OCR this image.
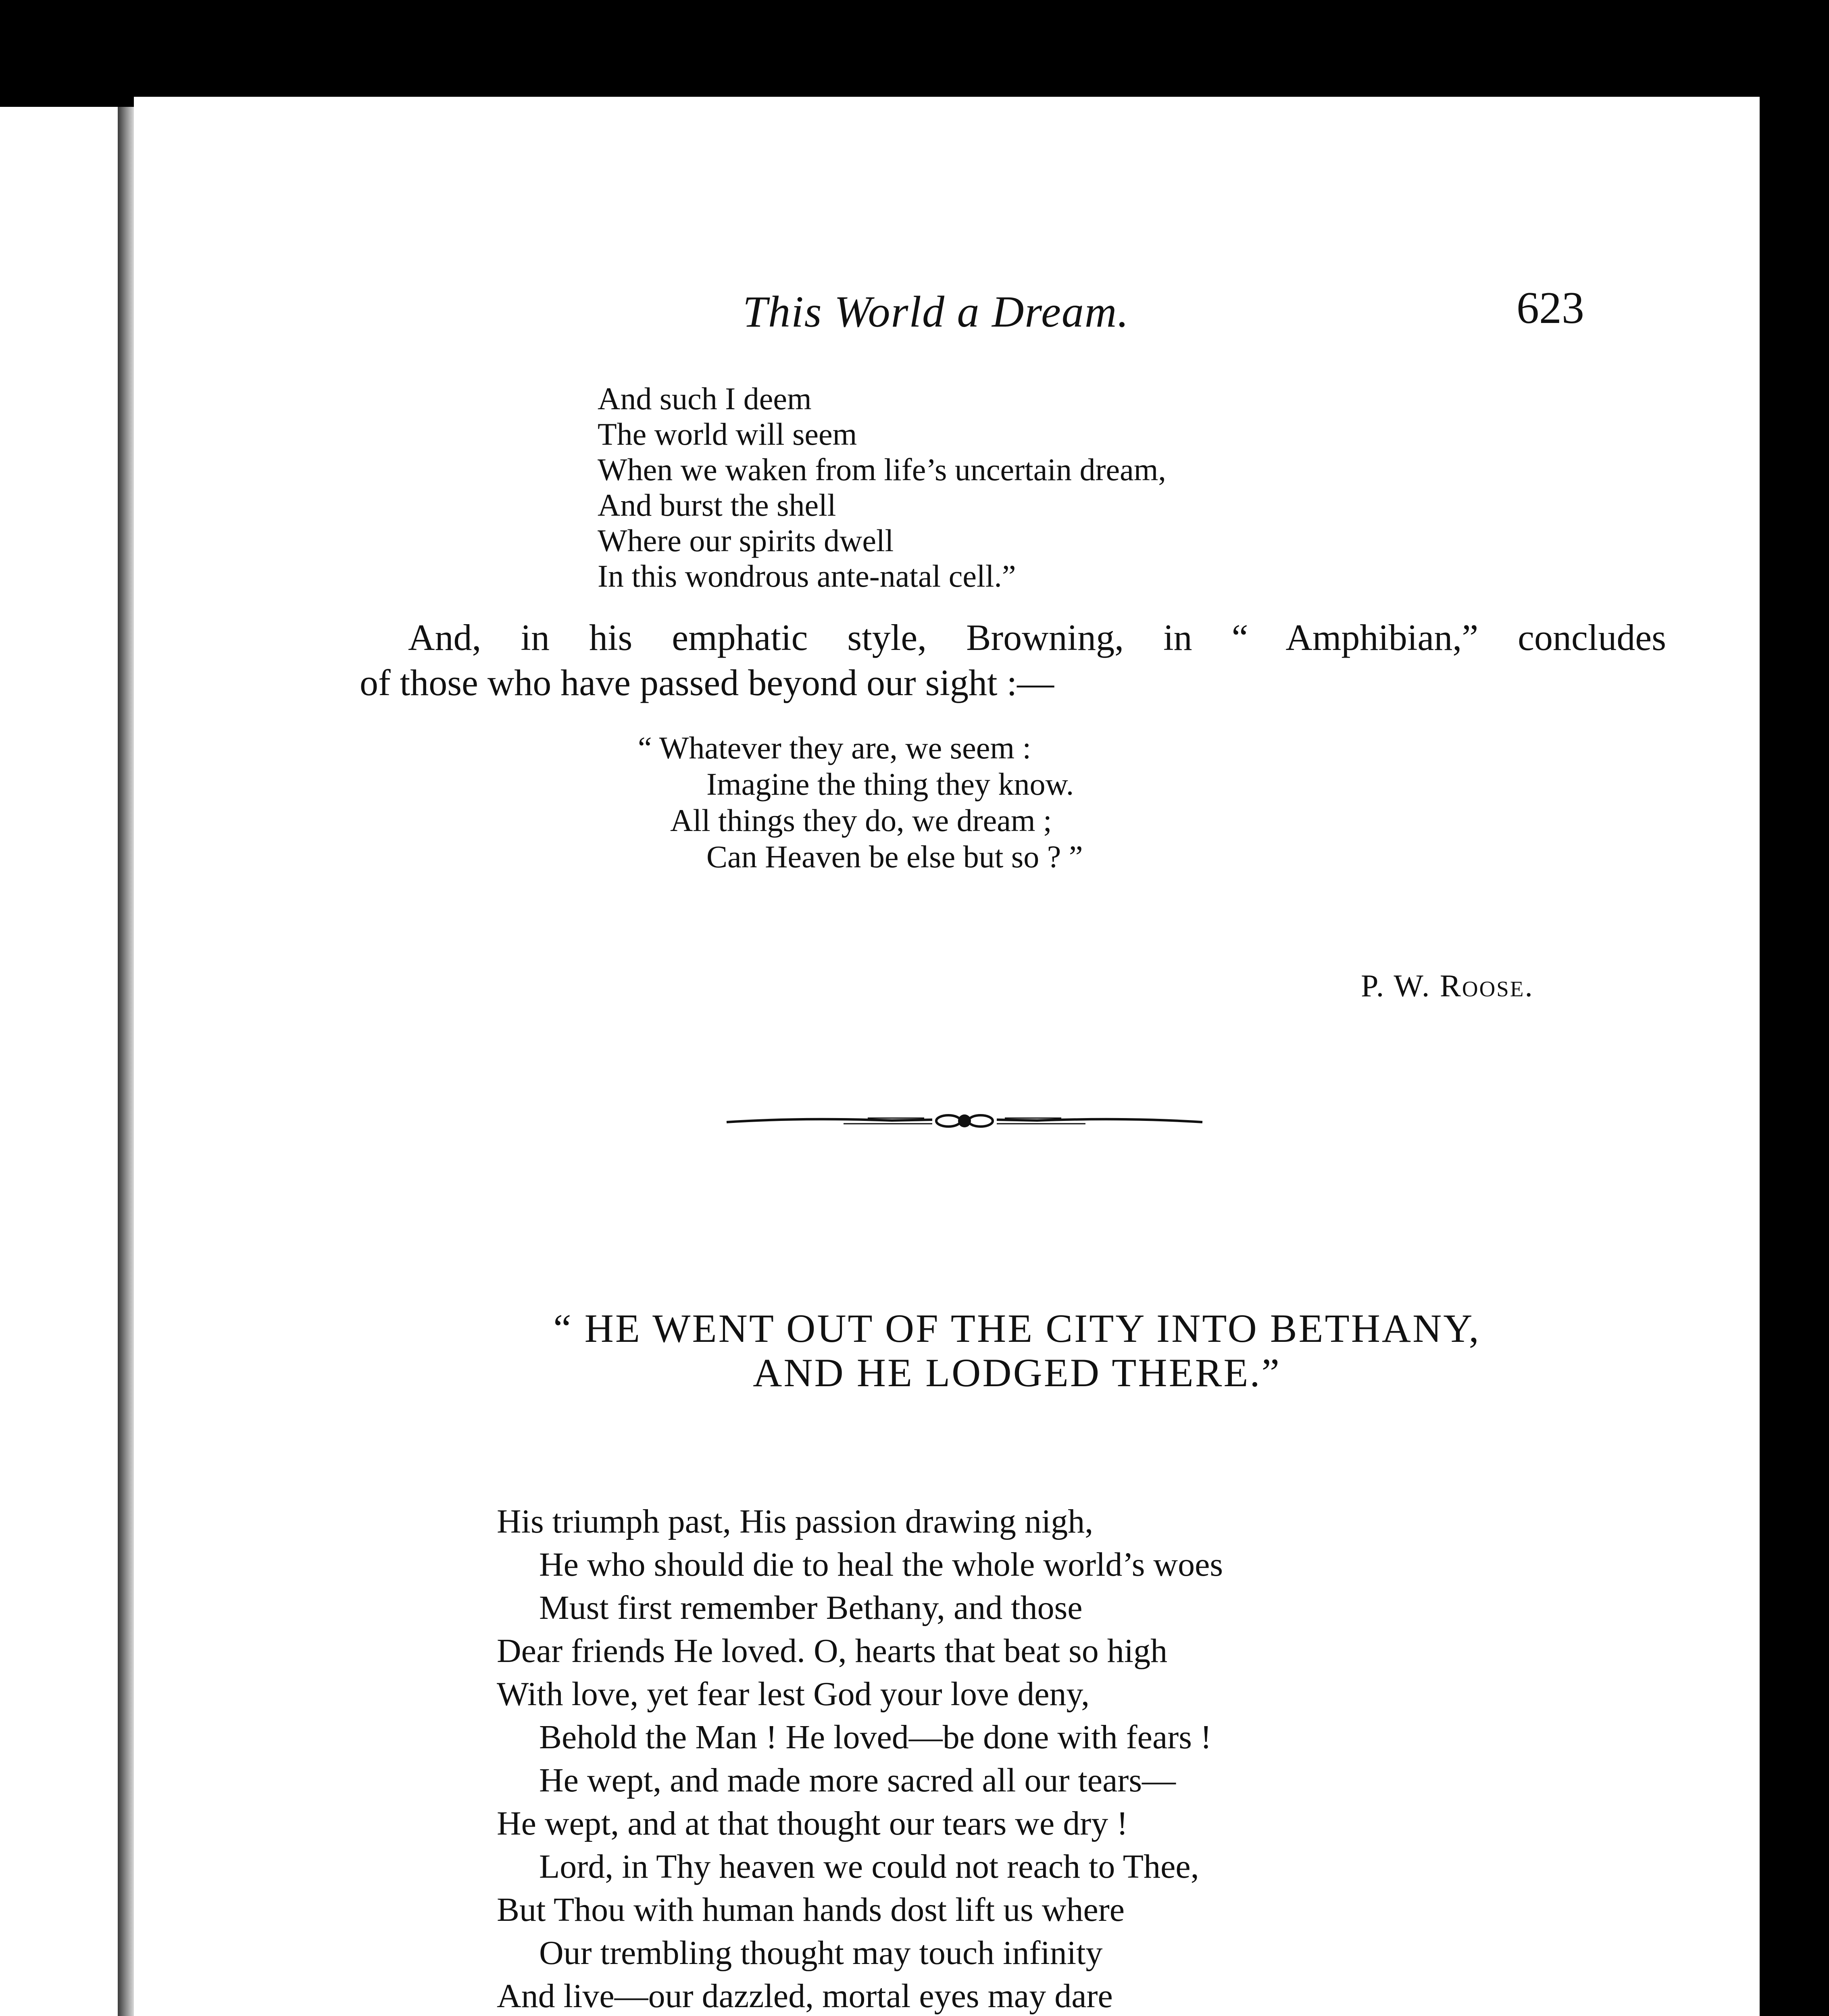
This World a Dream.	623
And such I deem
The world will seem
When we waken from life’s uncertain dream,
And burst the shell
Where our spirits dwell
In this wondrous ante-natal cell.”

And, in his emphatic style, Browning, in “ Amphibian,” concludes
of those who have passed beyond our sight :—

“ Whatever they are, we seem :
Imagine the thing they know.
All things they do, we dream ;
Can Heaven be else but so ? ”
P. W. Roose.
“ HE WENT OUT OF THE CITY INTO BETHANY,
AND HE LODGED THERE.”
His triumph past, His passion drawing nigh,
He who should die to heal the whole world’s woes
Must first remember Bethany, and those
Dear friends He loved. O, hearts that beat so high
With love, yet fear lest God your love deny,
Behold the Man ! He loved—be done with fears !
He wept, and made more sacred all our tears—
He wept, and at that thought our tears we dry !
Lord, in Thy heaven we could not reach to Thee,
But Thou with human hands dost lift us where
Our trembling thought may touch infinity
And live—our dazzled, mortal eyes may dare
